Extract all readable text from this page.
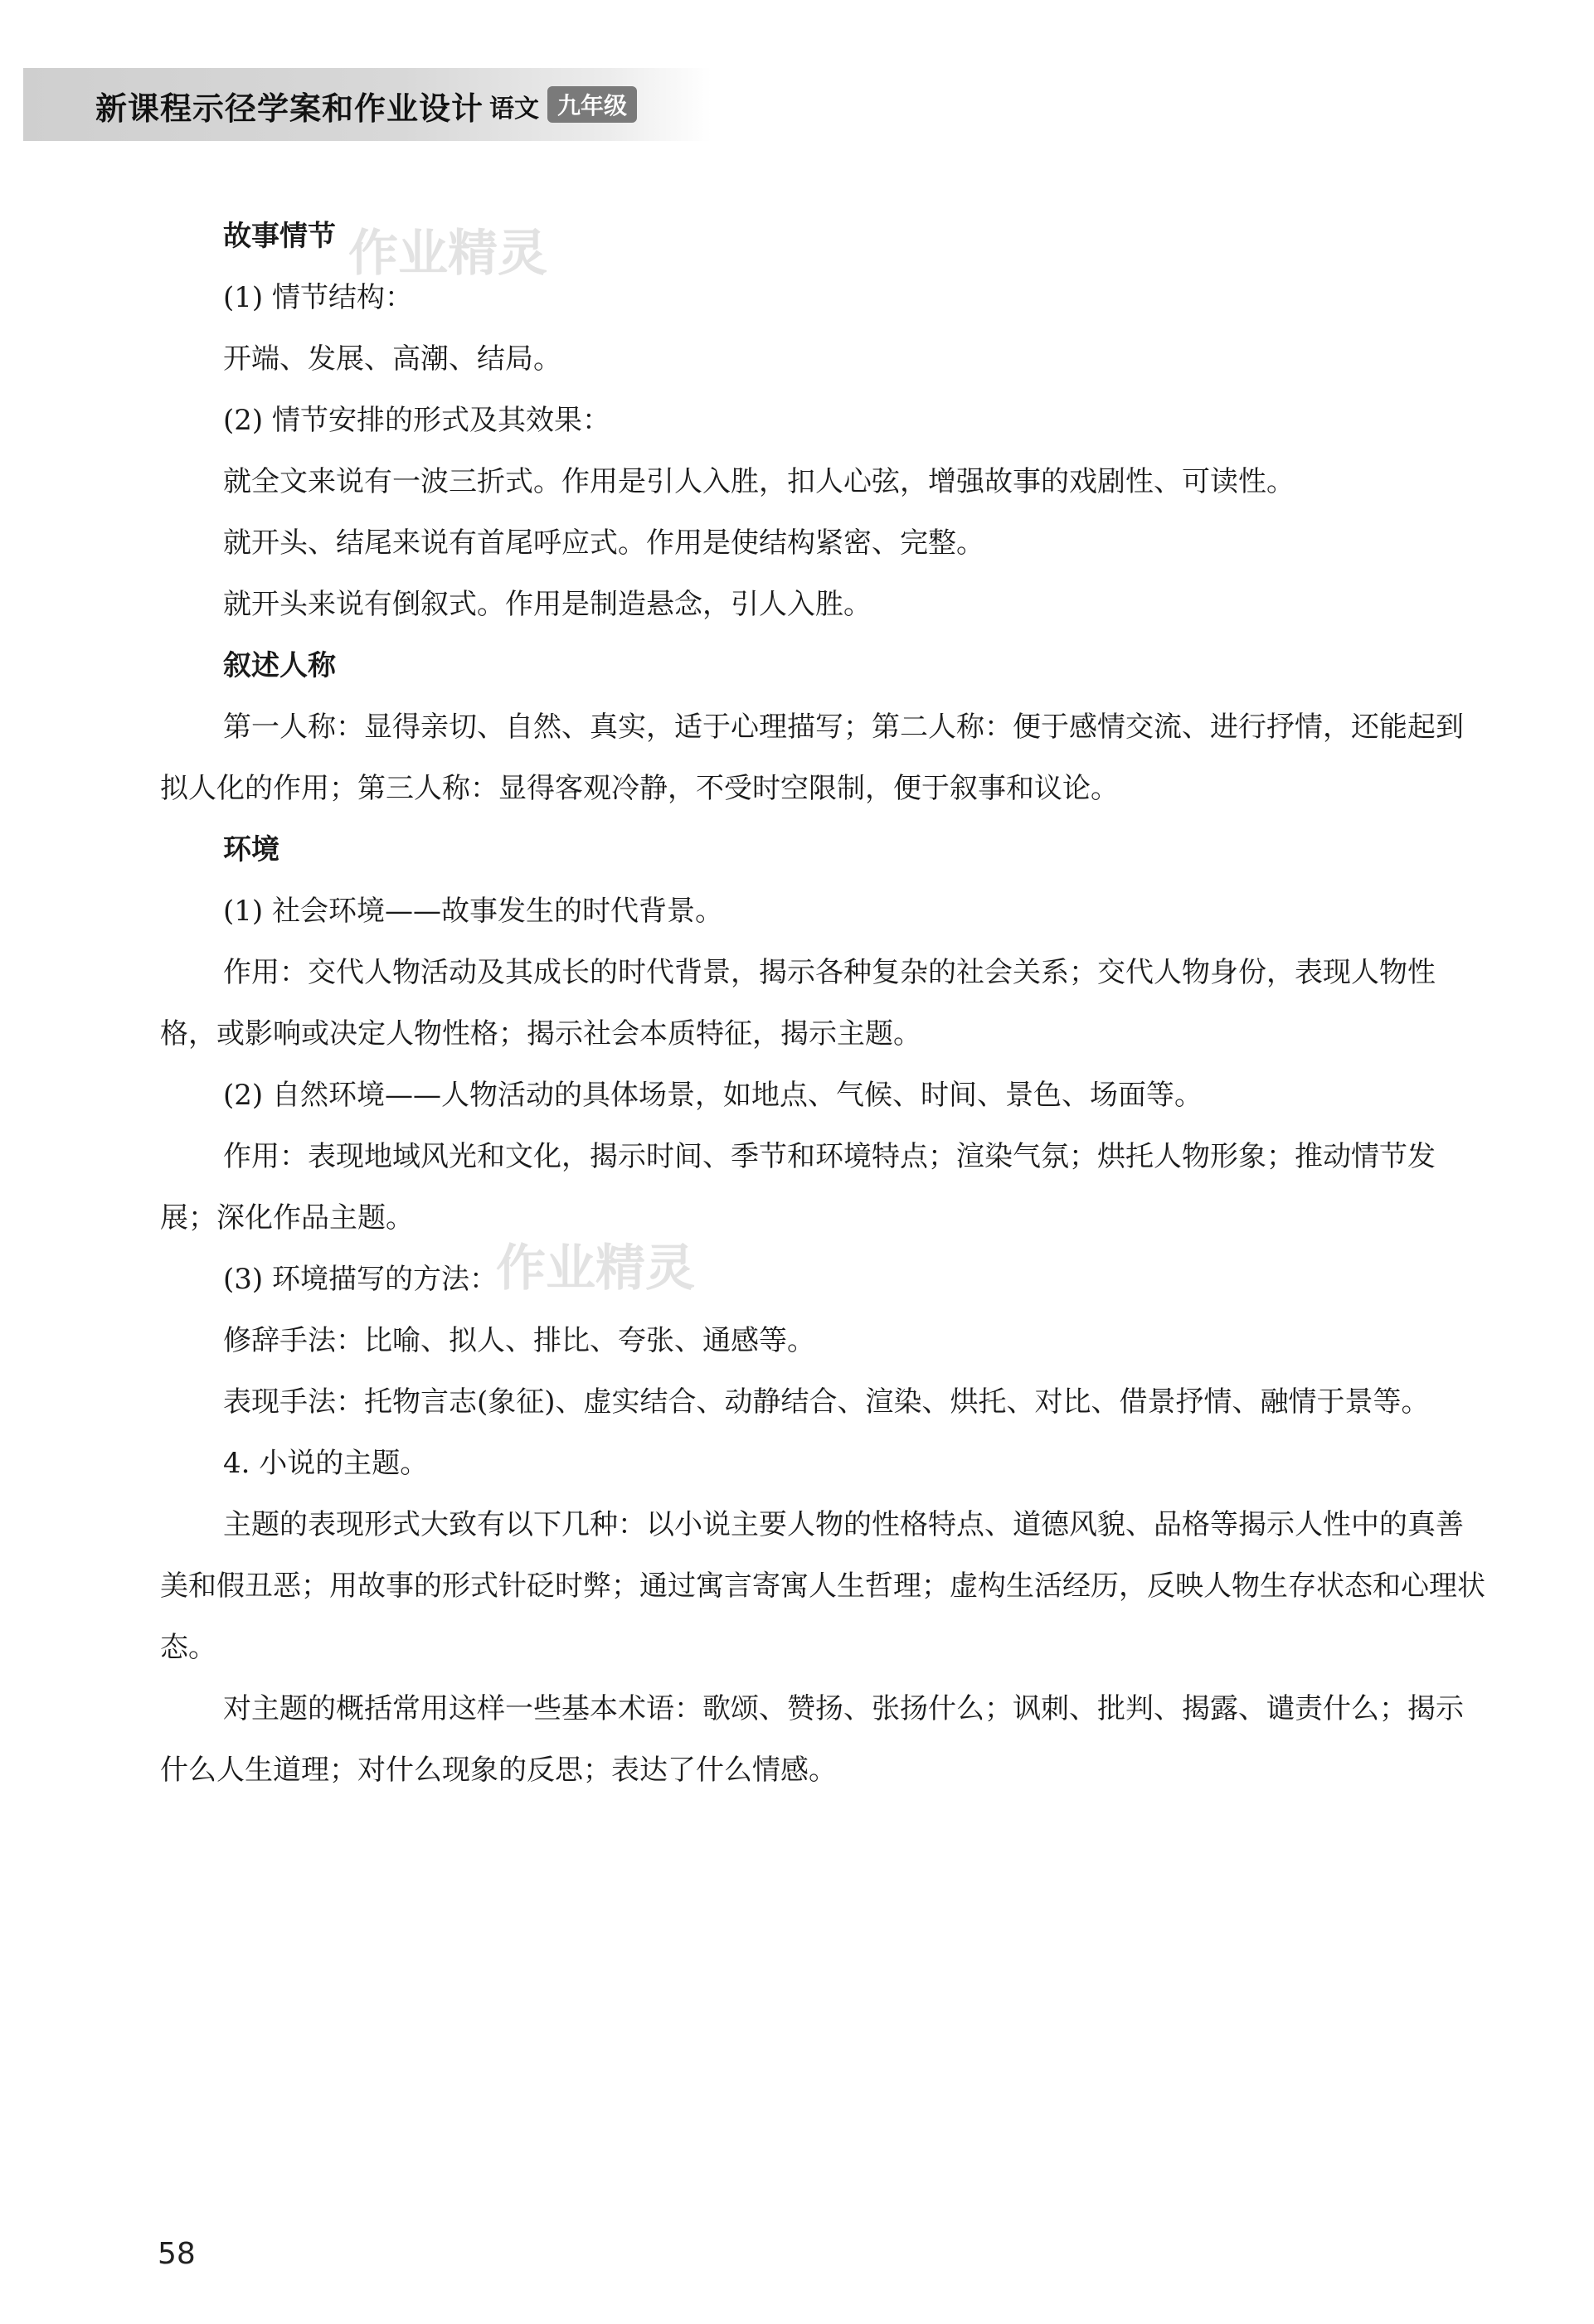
新课程示径学案和作业设计 语文 九年级
作业精灵
作业精灵

故事情节

(1) 情节结构：

开端、发展、高潮、结局。

(2) 情节安排的形式及其效果：

就全文来说有一波三折式。作用是引人入胜，扣人心弦，增强故事的戏剧性、可读性。

就开头、结尾来说有首尾呼应式。作用是使结构紧密、完整。

就开头来说有倒叙式。作用是制造悬念，引人入胜。

叙述人称

第一人称：显得亲切、自然、真实，适于心理描写；第二人称：便于感情交流、进行抒情，还能起到拟人化的作用；第三人称：显得客观冷静，不受时空限制，便于叙事和议论。

环境

(1) 社会环境——故事发生的时代背景。

作用：交代人物活动及其成长的时代背景，揭示各种复杂的社会关系；交代人物身份，表现人物性格，或影响或决定人物性格；揭示社会本质特征，揭示主题。

(2) 自然环境——人物活动的具体场景，如地点、气候、时间、景色、场面等。

作用：表现地域风光和文化，揭示时间、季节和环境特点；渲染气氛；烘托人物形象；推动情节发展；深化作品主题。

(3) 环境描写的方法：

修辞手法：比喻、拟人、排比、夸张、通感等。

表现手法：托物言志(象征)、虚实结合、动静结合、渲染、烘托、对比、借景抒情、融情于景等。

4. 小说的主题。

主题的表现形式大致有以下几种：以小说主要人物的性格特点、道德风貌、品格等揭示人性中的真善美和假丑恶；用故事的形式针砭时弊；通过寓言寄寓人生哲理；虚构生活经历，反映人物生存状态和心理状态。

对主题的概括常用这样一些基本术语：歌颂、赞扬、张扬什么；讽刺、批判、揭露、谴责什么；揭示什么人生道理；对什么现象的反思；表达了什么情感。

58
